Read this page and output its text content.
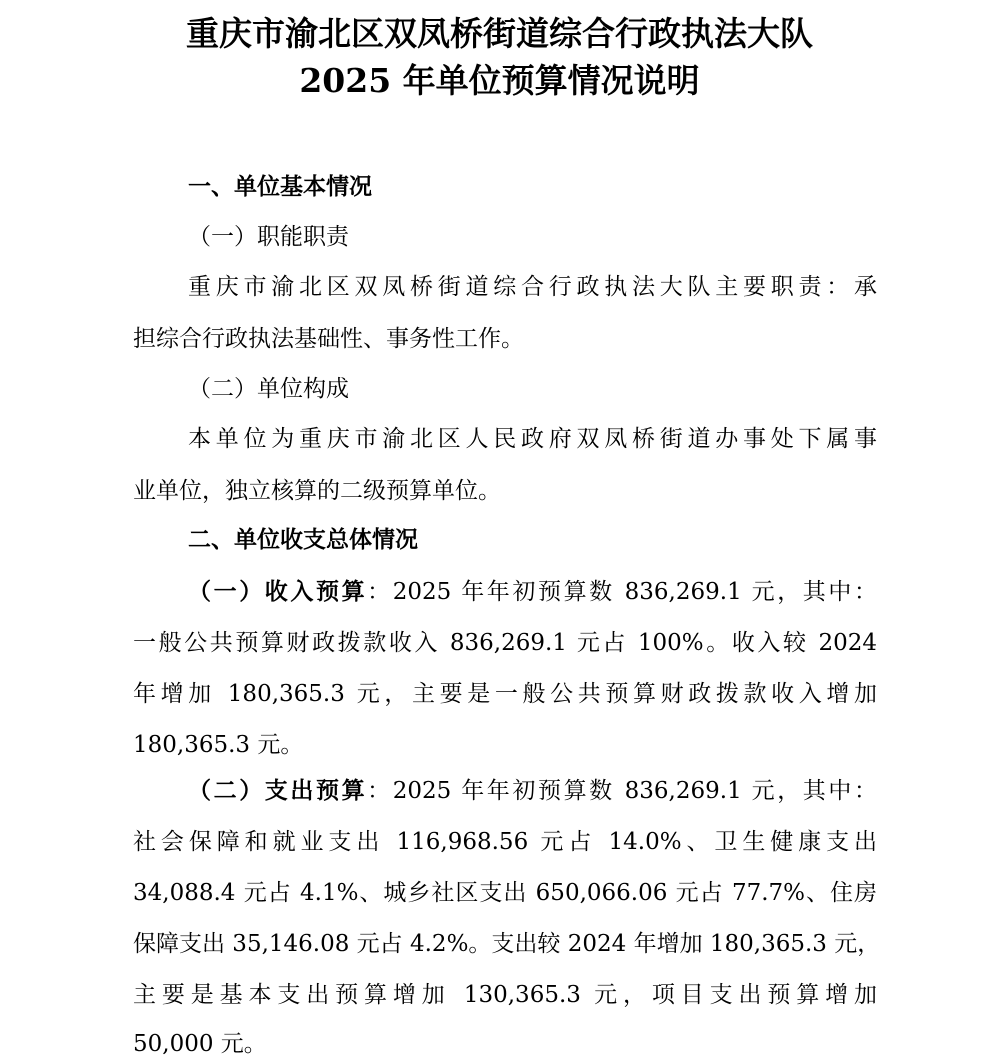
重庆市渝北区双凤桥街道综合行政执法大队
2025 年单位预算情况说明
一、单位基本情况
（一）职能职责
重庆市渝北区双凤桥街道综合行政执法大队主要职责：承
担综合行政执法基础性、事务性工作。
（二）单位构成
本单位为重庆市渝北区人民政府双凤桥街道办事处下属事
业单位，独立核算的二级预算单位。
二、单位收支总体情况
（一）收入预算：2025 年年初预算数 836,269.1 元，其中：
一般公共预算财政拨款收入 836,269.1 元占 100%。收入较 2024
年增加 180,365.3 元，主要是一般公共预算财政拨款收入增加
180,365.3 元。
（二）支出预算：2025 年年初预算数 836,269.1 元，其中：
社会保障和就业支出 116,968.56 元占 14.0%、卫生健康支出
34,088.4 元占 4.1%、城乡社区支出 650,066.06 元占 77.7%、住房
保障支出 35,146.08 元占 4.2%。支出较 2024 年增加 180,365.3 元，
主要是基本支出预算增加 130,365.3 元，项目支出预算增加
50,000 元。
